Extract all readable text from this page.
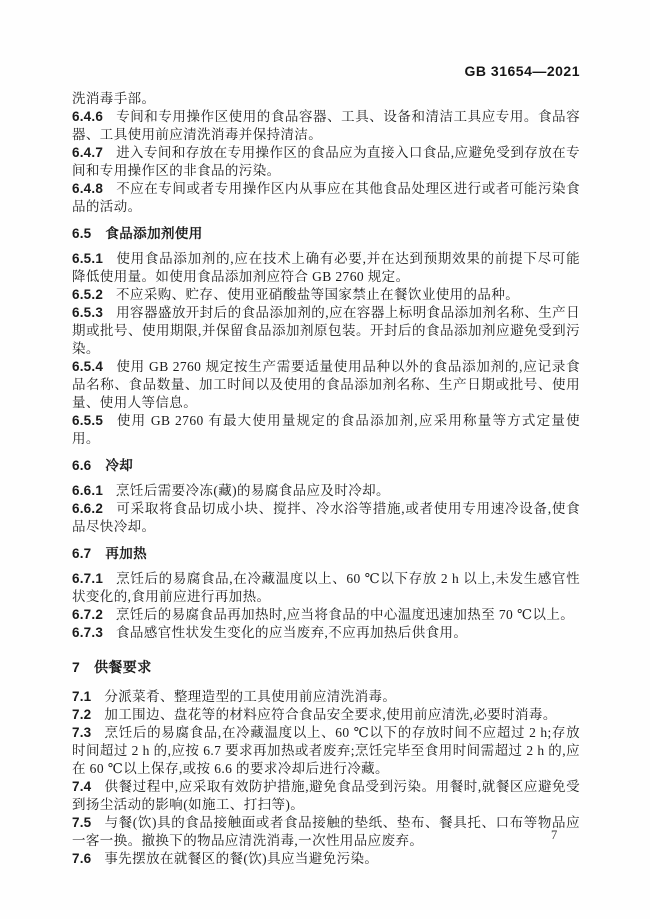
GB 31654—2021

洗消毒手部。

6.4.6 专间和专用操作区使用的食品容器、工具、设备和清洁工具应专用。食品容器、工具使用前应清洗消毒并保持清洁。

6.4.7 进入专间和存放在专用操作区的食品应为直接入口食品,应避免受到存放在专间和专用操作区的非食品的污染。

6.4.8 不应在专间或者专用操作区内从事应在其他食品处理区进行或者可能污染食品的活动。

6.5 食品添加剂使用

6.5.1 使用食品添加剂的,应在技术上确有必要,并在达到预期效果的前提下尽可能降低使用量。如使用食品添加剂应符合 GB 2760 规定。

6.5.2 不应采购、贮存、使用亚硝酸盐等国家禁止在餐饮业使用的品种。

6.5.3 用容器盛放开封后的食品添加剂的,应在容器上标明食品添加剂名称、生产日期或批号、使用期限,并保留食品添加剂原包装。开封后的食品添加剂应避免受到污染。

6.5.4 使用 GB 2760 规定按生产需要适量使用品种以外的食品添加剂的,应记录食品名称、食品数量、加工时间以及使用的食品添加剂名称、生产日期或批号、使用量、使用人等信息。

6.5.5 使用 GB 2760 有最大使用量规定的食品添加剂,应采用称量等方式定量使用。

6.6 冷却

6.6.1 烹饪后需要冷冻(藏)的易腐食品应及时冷却。

6.6.2 可采取将食品切成小块、搅拌、冷水浴等措施,或者使用专用速冷设备,使食品尽快冷却。

6.7 再加热

6.7.1 烹饪后的易腐食品,在冷藏温度以上、60 ℃以下存放 2 h 以上,未发生感官性状变化的,食用前应进行再加热。

6.7.2 烹饪后的易腐食品再加热时,应当将食品的中心温度迅速加热至 70 ℃以上。

6.7.3 食品感官性状发生变化的应当废弃,不应再加热后供食用。

7 供餐要求

7.1 分派菜肴、整理造型的工具使用前应清洗消毒。

7.2 加工围边、盘花等的材料应符合食品安全要求,使用前应清洗,必要时消毒。

7.3 烹饪后的易腐食品,在冷藏温度以上、60 ℃以下的存放时间不应超过 2 h;存放时间超过 2 h 的,应按 6.7 要求再加热或者废弃;烹饪完毕至食用时间需超过 2 h 的,应在 60 ℃以上保存,或按 6.6 的要求冷却后进行冷藏。

7.4 供餐过程中,应采取有效防护措施,避免食品受到污染。用餐时,就餐区应避免受到扬尘活动的影响(如施工、打扫等)。

7.5 与餐(饮)具的食品接触面或者食品接触的垫纸、垫布、餐具托、口布等物品应一客一换。撤换下的物品应清洗消毒,一次性用品应废弃。

7.6 事先摆放在就餐区的餐(饮)具应当避免污染。

7
